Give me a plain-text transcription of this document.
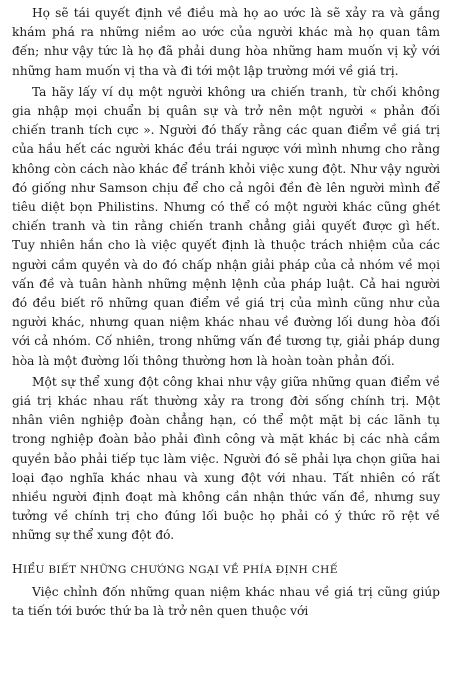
Họ sẽ tái quyết định về điều mà họ ao ước là sẽ xảy ra và gắng khám phá ra những niềm ao ước của người khác mà họ quan tâm đến; như vậy tức là họ đã phải dung hòa những ham muốn vị kỷ với những ham muốn vị tha và đi tới một lập trường mới về giá trị.

Ta hãy lấy ví dụ một người không ưa chiến tranh, từ chối không gia nhập mọi chuẩn bị quân sự và trở nên một người « phản đối chiến tranh tích cực ». Người đó thấy rằng các quan điểm về giá trị của hầu hết các người khác đều trái ngược với mình nhưng cho rằng không còn cách nào khác để tránh khỏi việc xung đột. Như vậy người đó giống như Samson chịu để cho cả ngôi đền đè lên người mình để tiêu diệt bọn Philistins. Nhưng có thể có một người khác cũng ghét chiến tranh và tin rằng chiến tranh chẳng giải quyết được gì hết. Tuy nhiên hắn cho là việc quyết định là thuộc trách nhiệm của các người cầm quyền và do đó chấp nhận giải pháp của cả nhóm về mọi vấn đề và tuân hành những mệnh lệnh của pháp luật. Cả hai người đó đều biết rõ những quan điểm về giá trị của mình cũng như của người khác, nhưng quan niệm khác nhau về đường lối dung hòa đối với cả nhóm. Cố nhiên, trong những vấn đề tương tự, giải pháp dung hòa là một đường lối thông thường hơn là hoàn toàn phản đối.

Một sự thể xung đột công khai như vậy giữa những quan điểm về giá trị khác nhau rất thường xảy ra trong đời sống chính trị. Một nhân viên nghiệp đoàn chẳng hạn, có thể một mặt bị các lãnh tụ trong nghiệp đoàn bảo phải đình công và mặt khác bị các nhà cầm quyền bảo phải tiếp tục làm việc. Người đó sẽ phải lựa chọn giữa hai loại đạo nghĩa khác nhau và xung đột với nhau. Tất nhiên có rất nhiều người định đoạt mà không cần nhận thức vấn đề, nhưng suy tưởng về chính trị cho đúng lối buộc họ phải có ý thức rõ rệt về những sự thể xung đột đó.

HIỂU BIẾT NHỮNG CHƯỚNG NGẠI VỀ PHÍA ĐỊNH CHẾ

Việc chỉnh đốn những quan niệm khác nhau về giá trị cũng giúp ta tiến tới bước thứ ba là trở nên quen thuộc với
